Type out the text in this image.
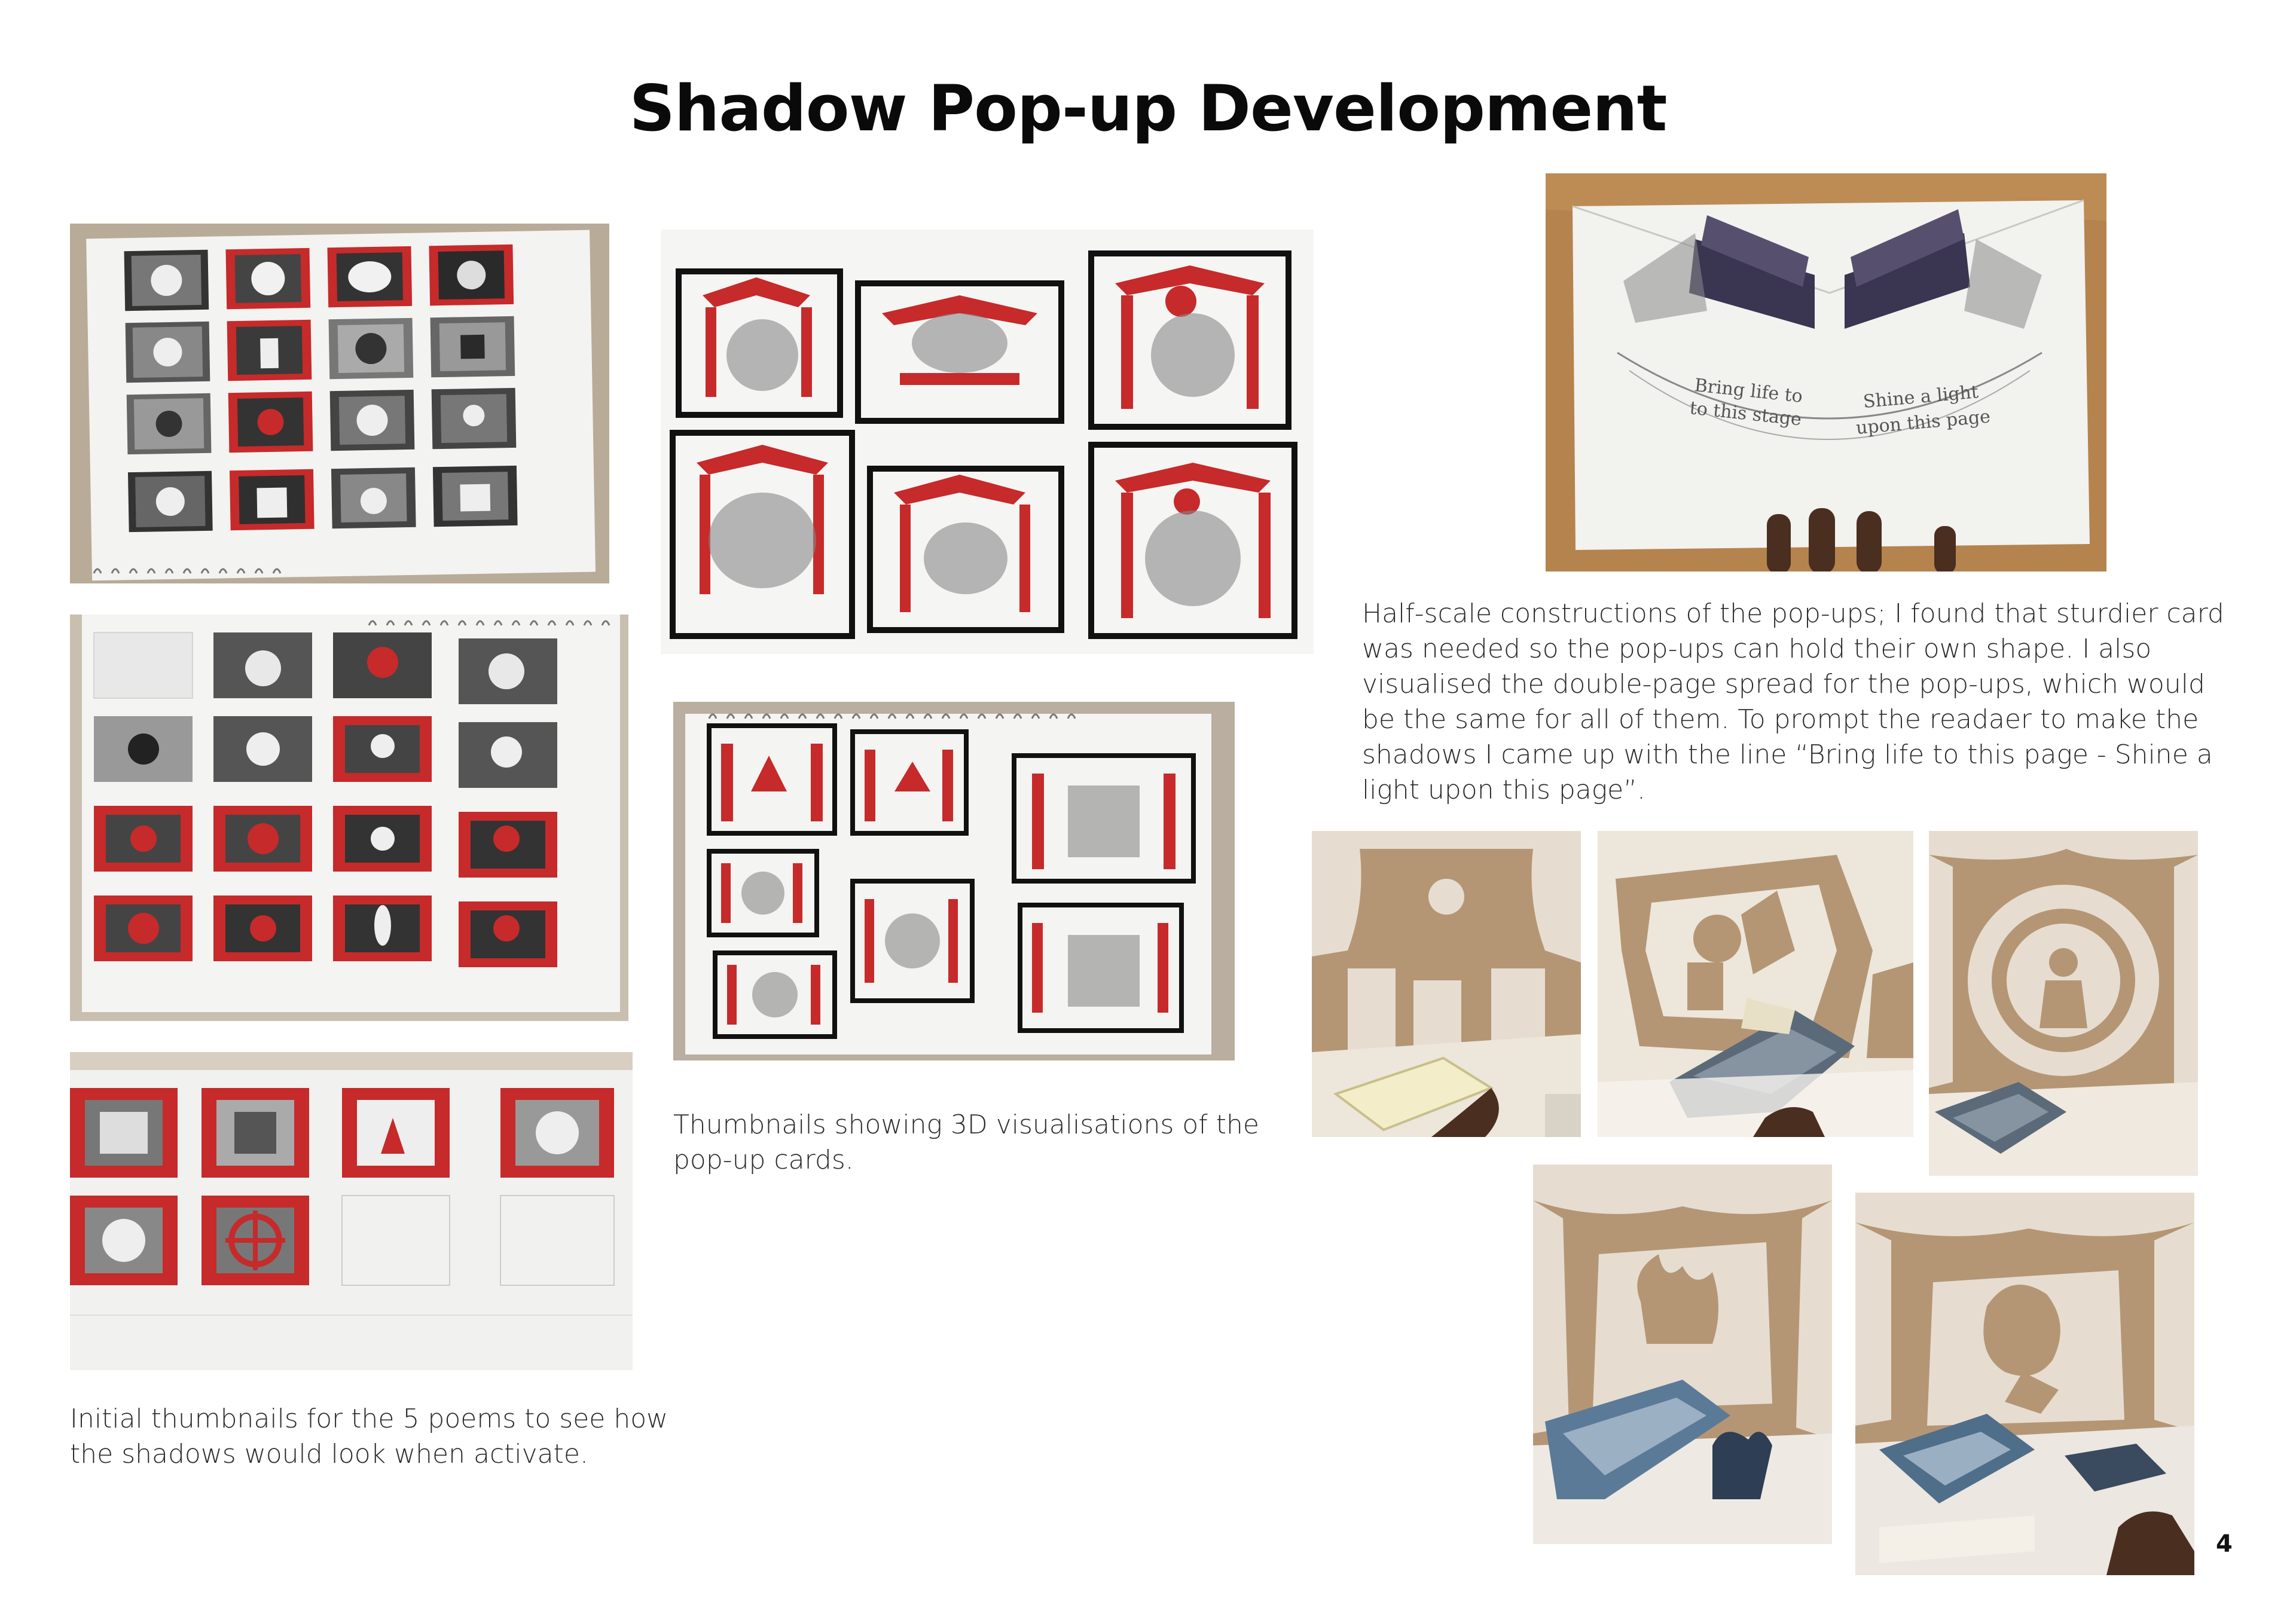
Shadow Pop-up Development
Initial thumbnails for the 5 poems to see how the shadows would look when activate.
Thumbnails showing 3D visualisations of the pop-up cards.
Bring life to
to this stage
Shine a light
upon this page
Half-scale constructions of the pop-ups; I found that sturdier card was needed so the pop-ups can hold their own shape. I also visualised the double-page spread for the pop-ups, which would be the same for all of them. To prompt the readaer to make the shadows I came up with the line “Bring life to this page - Shine a light upon this page”.
4
